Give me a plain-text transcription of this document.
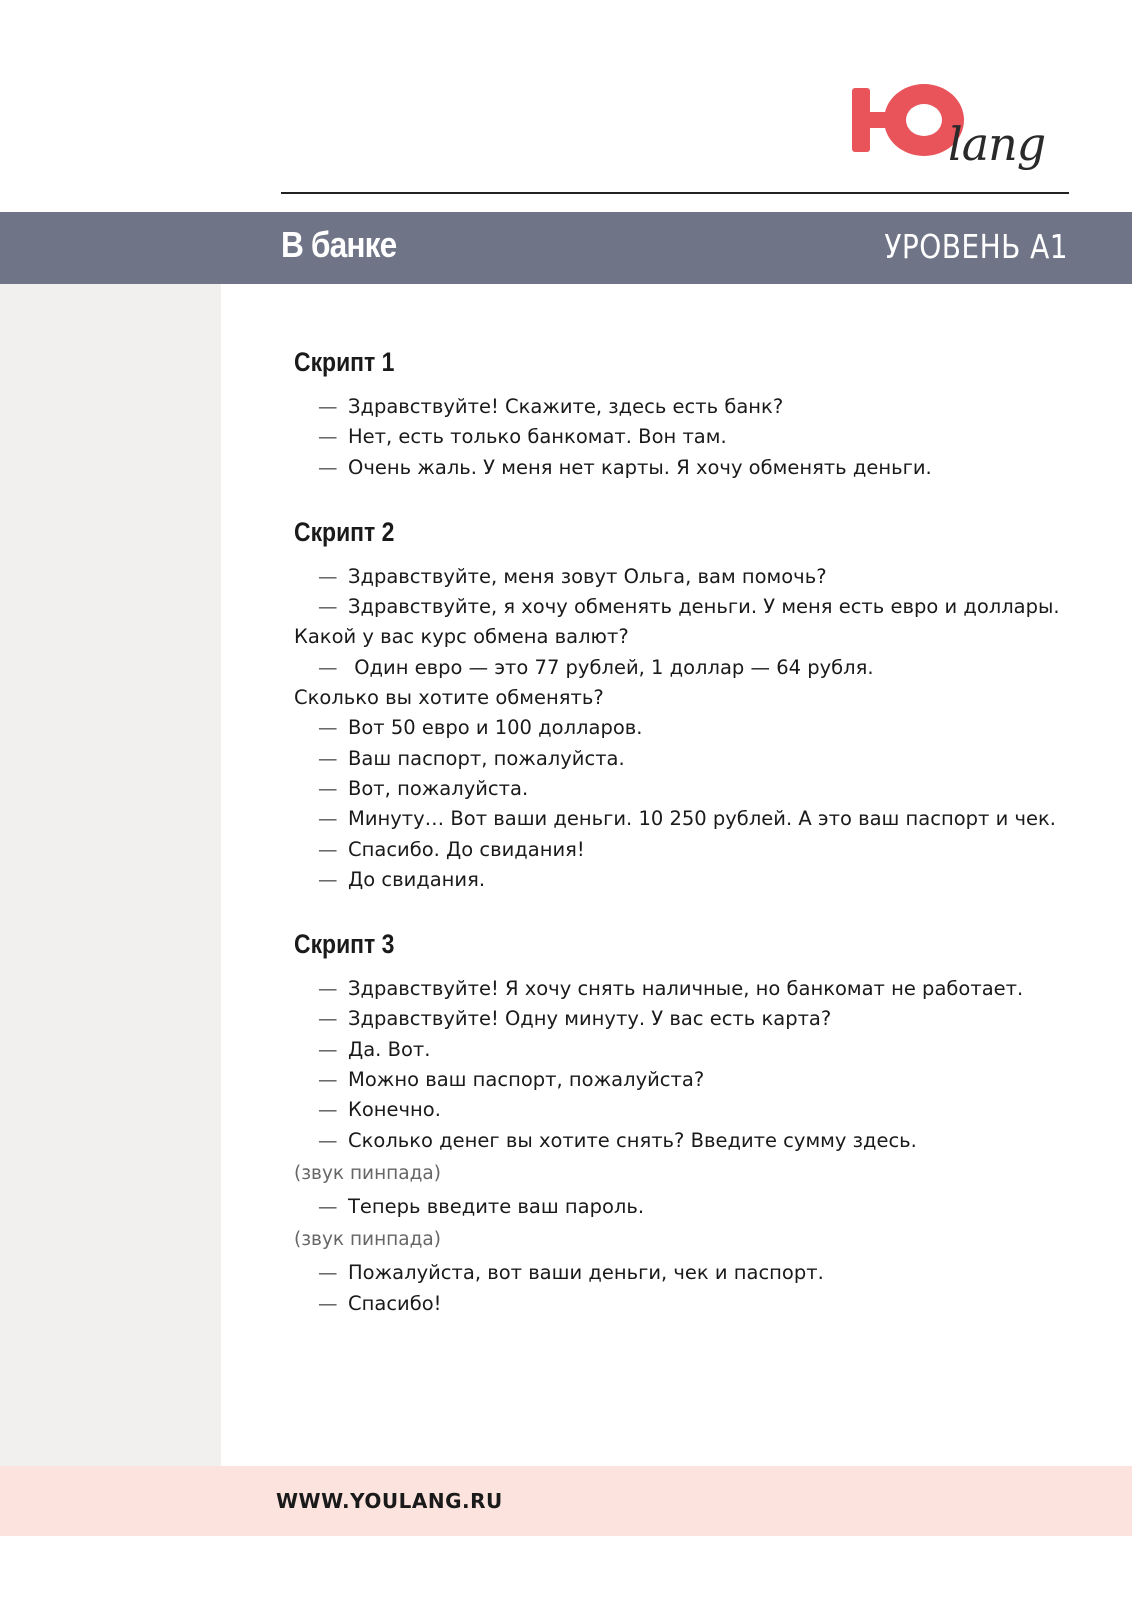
lang
В банке	УРОВЕНЬ А1
Скрипт 1
— Здравствуйте! Скажите, здесь есть банк?
— Нет, есть только банкомат. Вон там.
— Очень жаль. У меня нет карты. Я хочу обменять деньги.
Скрипт 2
— Здравствуйте, меня зовут Ольга, вам помочь?
— Здравствуйте, я хочу обменять деньги. У меня есть евро и доллары.
Какой у вас курс обмена валют?
— Один евро — это 77 рублей, 1 доллар — 64 рубля.
Сколько вы хотите обменять?
— Вот 50 евро и 100 долларов.
— Ваш паспорт, пожалуйста.
— Вот, пожалуйста.
— Минуту… Вот ваши деньги. 10 250 рублей. А это ваш паспорт и чек.
— Спасибо. До свидания!
— До свидания.
Скрипт 3
— Здравствуйте! Я хочу снять наличные, но банкомат не работает.
— Здравствуйте! Одну минуту. У вас есть карта?
— Да. Вот.
— Можно ваш паспорт, пожалуйста?
— Конечно.
— Сколько денег вы хотите снять? Введите сумму здесь.
(звук пинпада)
— Теперь введите ваш пароль.
(звук пинпада)
— Пожалуйста, вот ваши деньги, чек и паспорт.
— Спасибо!
WWW.YOULANG.RU
